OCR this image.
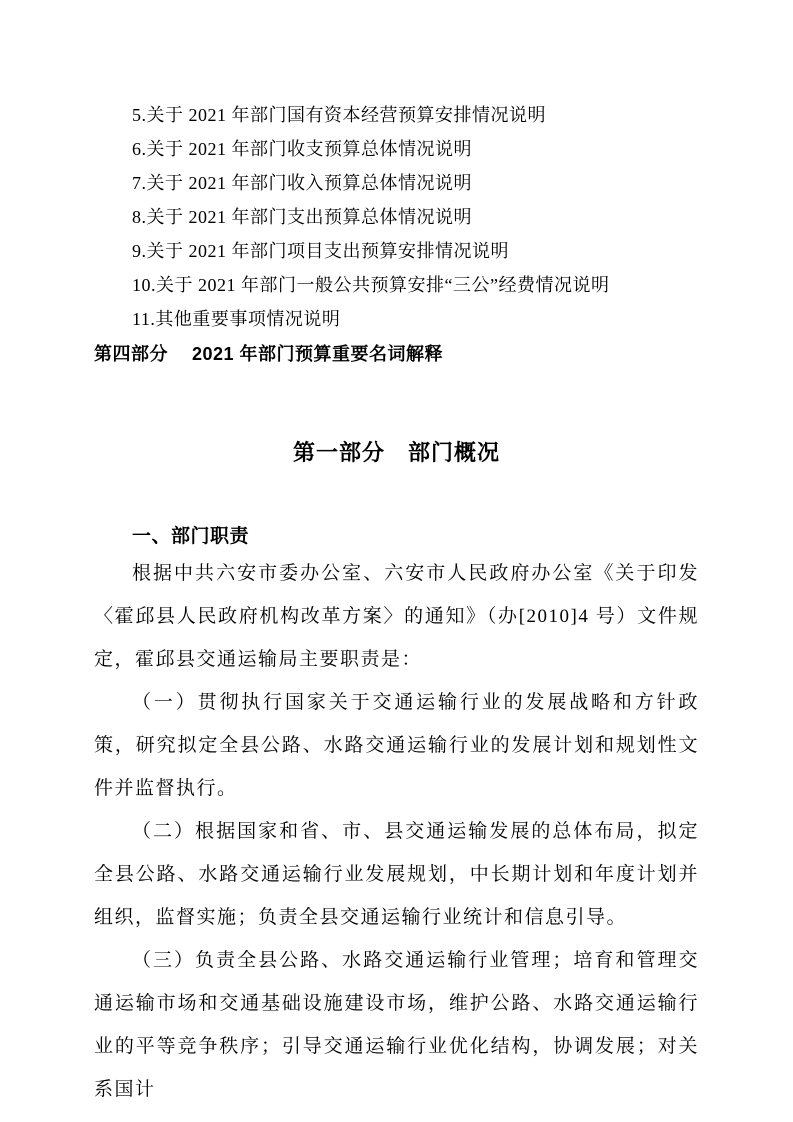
5.关于 2021 年部门国有资本经营预算安排情况说明
6.关于 2021 年部门收支预算总体情况说明
7.关于 2021 年部门收入预算总体情况说明
8.关于 2021 年部门支出预算总体情况说明
9.关于 2021 年部门项目支出预算安排情况说明
10.关于 2021 年部门一般公共预算安排“三公”经费情况说明
11.其他重要事项情况说明
第四部分　 2021 年部门预算重要名词解释
第一部分　部门概况
一、部门职责

根据中共六安市委办公室、六安市人民政府办公室《关于印发〈霍邱县人民政府机构改革方案〉的通知》（办[2010]4 号）文件规定，霍邱县交通运输局主要职责是：

（一）贯彻执行国家关于交通运输行业的发展战略和方针政策，研究拟定全县公路、水路交通运输行业的发展计划和规划性文件并监督执行。

（二）根据国家和省、市、县交通运输发展的总体布局，拟定全县公路、水路交通运输行业发展规划，中长期计划和年度计划并组织，监督实施；负责全县交通运输行业统计和信息引导。

（三）负责全县公路、水路交通运输行业管理；培育和管理交通运输市场和交通基础设施建设市场，维护公路、水路交通运输行业的平等竞争秩序；引导交通运输行业优化结构，协调发展；对关系国计
